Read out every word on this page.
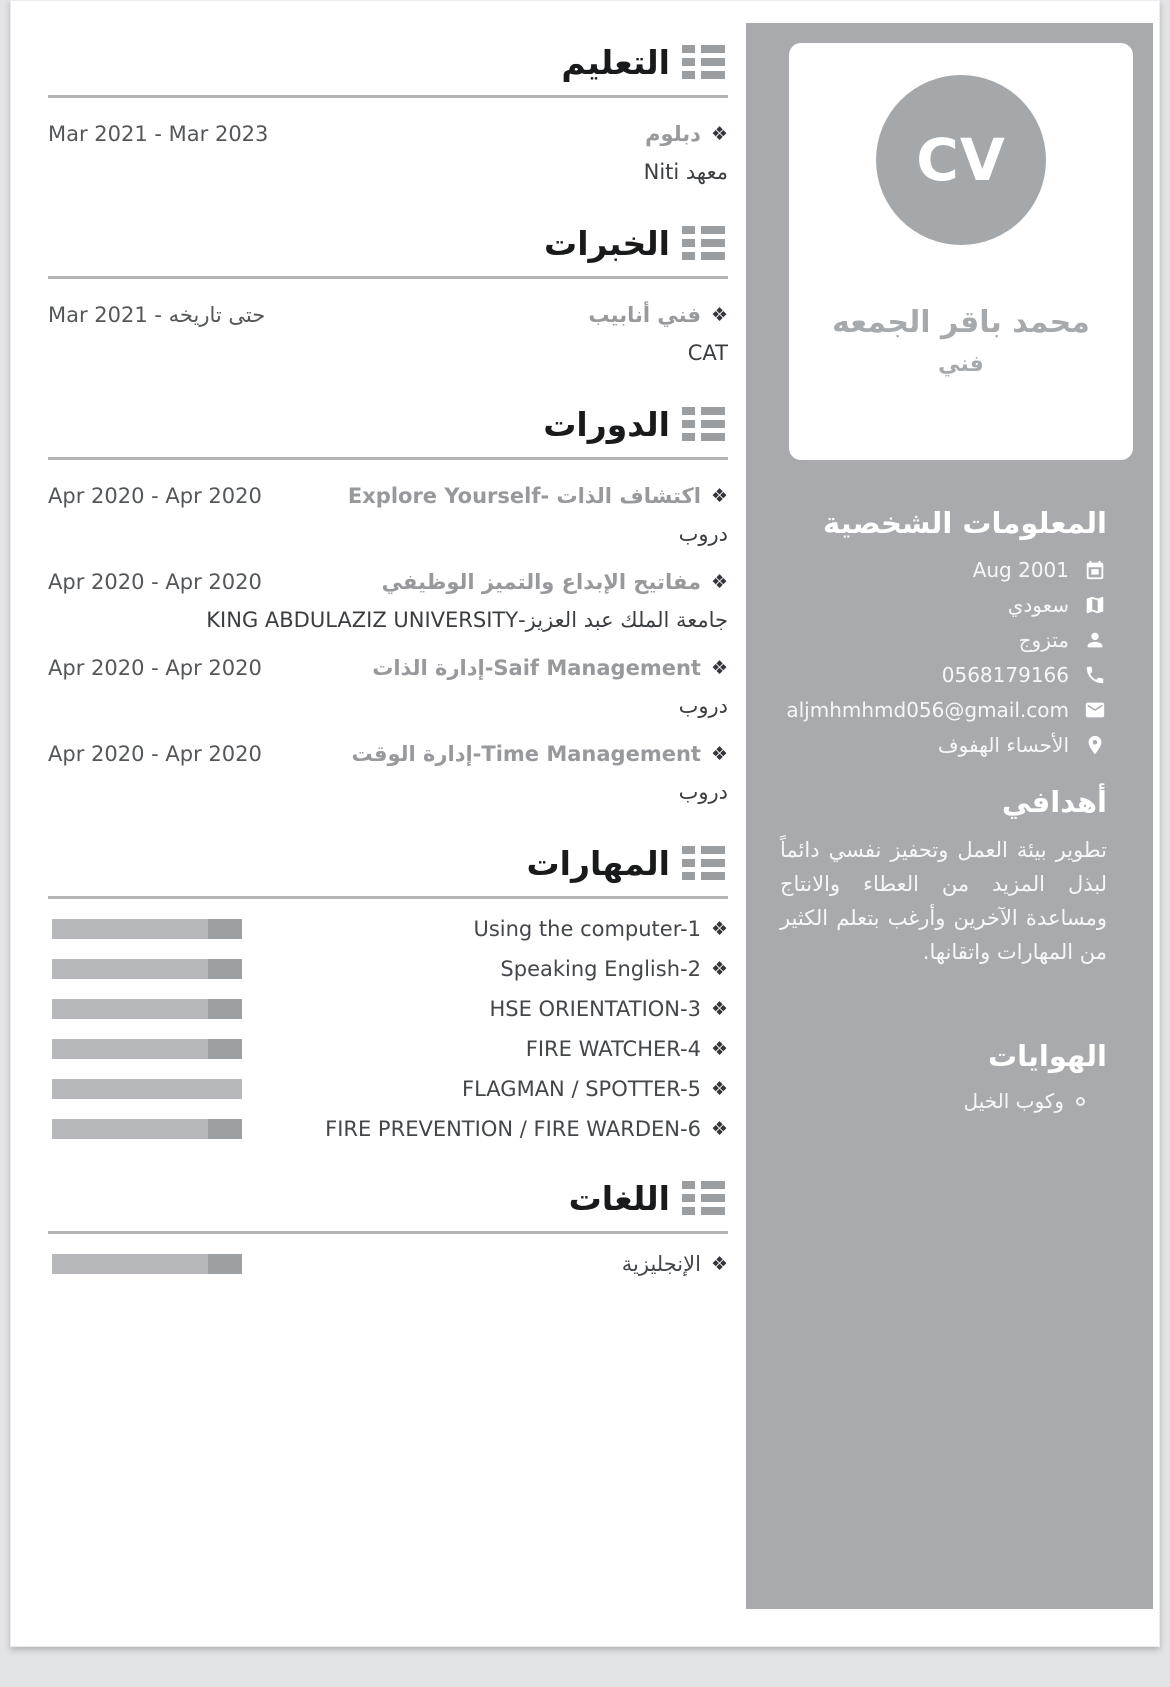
التعليم
Mar 2021 - Mar 2023	❖
دبلوم
معهد Niti
الخبرات
Mar 2021 - حتى تاريخه	❖
فني أنابيب
CAT
الدورات
Apr 2020 - Apr 2020	❖
اكتشاف الذات -Explore Yourself
دروب
Apr 2020 - Apr 2020	❖
مفاتيح الإبداع والتميز الوظيفي
جامعة الملك عبد العزيز-KING ABDULAZIZ UNIVERSITY
Apr 2020 - Apr 2020	❖
Saif Management-إدارة الذات
دروب
Apr 2020 - Apr 2020	❖
Time Management-إدارة الوقت
دروب
المهارات
❖
Using the computer-1
❖
Speaking English-2
❖
HSE ORIENTATION-3
❖
FIRE WATCHER-4
❖
FLAGMAN / SPOTTER-5
❖
FIRE PREVENTION / FIRE WARDEN-6
اللغات
❖
الإنجليزية
CV
محمد باقر الجمعه
فني
المعلومات الشخصية
Aug 2001
سعودي
متزوج
0568179166
aljmhmhmd056@gmail.com
الأحساء الهفوف
أهدافي
تطوير بيئة العمل وتحفيز نفسي دائماً لبذل المزيد من العطاء والانتاج ومساعدة الآخرين وأرغب بتعلم الكثير من المهارات واتقانها.
الهوايات
وكوب الخيل
